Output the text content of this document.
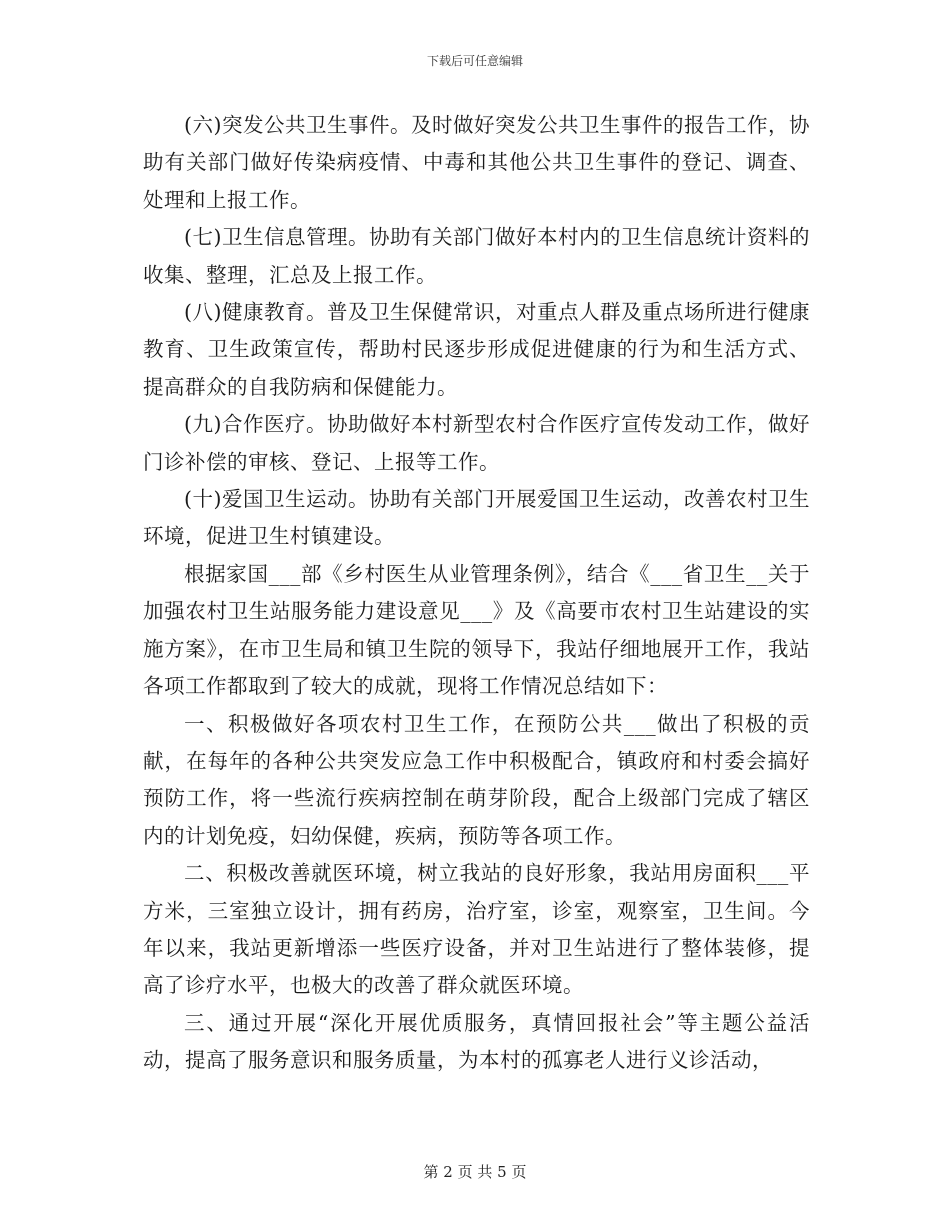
下载后可任意编辑

(六)突发公共卫生事件。及时做好突发公共卫生事件的报告工作，协助有关部门做好传染病疫情、中毒和其他公共卫生事件的登记、调查、处理和上报工作。

(七)卫生信息管理。协助有关部门做好本村内的卫生信息统计资料的收集、整理，汇总及上报工作。

(八)健康教育。普及卫生保健常识，对重点人群及重点场所进行健康教育、卫生政策宣传，帮助村民逐步形成促进健康的行为和生活方式、提高群众的自我防病和保健能力。

(九)合作医疗。协助做好本村新型农村合作医疗宣传发动工作，做好门诊补偿的审核、登记、上报等工作。

(十)爱国卫生运动。协助有关部门开展爱国卫生运动，改善农村卫生环境，促进卫生村镇建设。

根据家国___部《乡村医生从业管理条例》，结合《___省卫生__关于加强农村卫生站服务能力建设意见___》及《高要市农村卫生站建设的实施方案》，在市卫生局和镇卫生院的领导下，我站仔细地展开工作，我站各项工作都取到了较大的成就，现将工作情况总结如下：

一、积极做好各项农村卫生工作，在预防公共___做出了积极的贡献，在每年的各种公共突发应急工作中积极配合，镇政府和村委会搞好预防工作，将一些流行疾病控制在萌芽阶段，配合上级部门完成了辖区内的计划免疫，妇幼保健，疾病，预防等各项工作。

二、积极改善就医环境，树立我站的良好形象，我站用房面积___平方米，三室独立设计，拥有药房，治疗室，诊室，观察室，卫生间。今年以来，我站更新增添一些医疗设备，并对卫生站进行了整体装修，提高了诊疗水平，也极大的改善了群众就医环境。

三、通过开展“深化开展优质服务，真情回报社会”等主题公益活动，提高了服务意识和服务质量，为本村的孤寡老人进行义诊活动，

第 2 页 共 5 页
